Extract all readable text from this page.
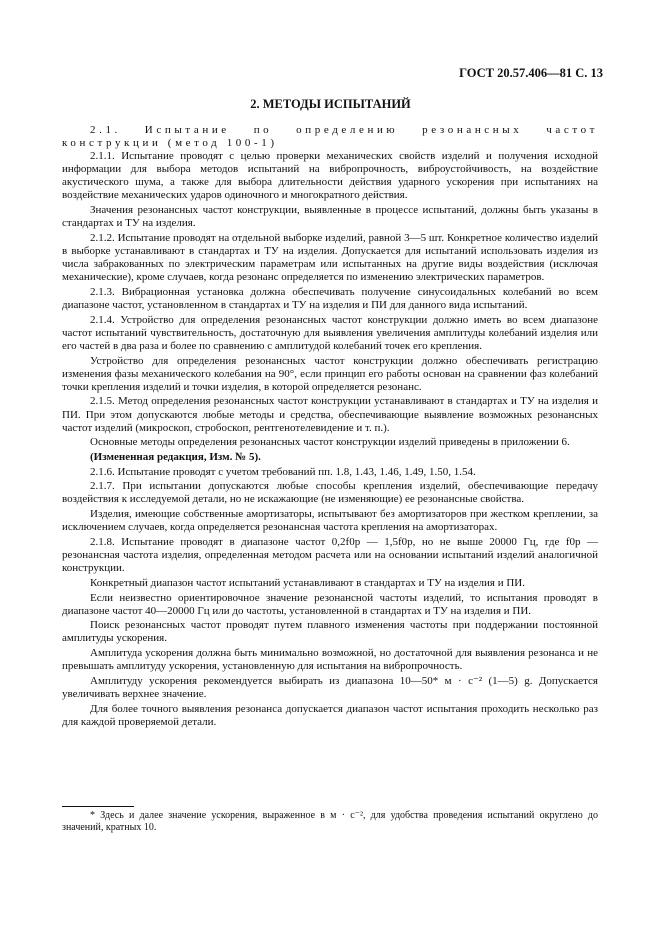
ГОСТ 20.57.406—81 С. 13
2. МЕТОДЫ ИСПЫТАНИЙ

2.1. Испытание по определению резонансных частот конструкции (метод 100-1)

2.1.1. Испытание проводят с целью проверки механических свойств изделий и получения исходной информации для выбора методов испытаний на вибропрочность, виброустойчивость, на воздействие акустического шума, а также для выбора длительности действия ударного ускорения при испытаниях на воздействие механических ударов одиночного и многократного действия.

Значения резонансных частот конструкции, выявленные в процессе испытаний, должны быть указаны в стандартах и ТУ на изделия.

2.1.2. Испытание проводят на отдельной выборке изделий, равной 3—5 шт. Конкретное количество изделий в выборке устанавливают в стандартах и ТУ на изделия. Допускается для испытаний использовать изделия из числа забракованных по электрическим параметрам или испытанных на другие виды воздействия (исключая механические), кроме случаев, когда резонанс определяется по изменению электрических параметров.

2.1.3. Вибрационная установка должна обеспечивать получение синусоидальных колебаний во всем диапазоне частот, установленном в стандартах и ТУ на изделия и ПИ для данного вида испытаний.

2.1.4. Устройство для определения резонансных частот конструкции должно иметь во всем диапазоне частот испытаний чувствительность, достаточную для выявления увеличения амплитуды колебаний изделия или его частей в два раза и более по сравнению с амплитудой колебаний точек его крепления.

Устройство для определения резонансных частот конструкции должно обеспечивать регистрацию изменения фазы механического колебания на 90°, если принцип его работы основан на сравнении фаз колебаний точки крепления изделий и точки изделия, в которой определяется резонанс.

2.1.5. Метод определения резонансных частот конструкции устанавливают в стандартах и ТУ на изделия и ПИ. При этом допускаются любые методы и средства, обеспечивающие выявление возможных резонансных частот изделий (микроскоп, стробоскоп, рентгенотелевидение и т. п.).

Основные методы определения резонансных частот конструкции изделий приведены в приложении 6.

(Измененная редакция, Изм. № 5).

2.1.6. Испытание проводят с учетом требований пп. 1.8, 1.43, 1.46, 1.49, 1.50, 1.54.

2.1.7. При испытании допускаются любые способы крепления изделий, обеспечивающие передачу воздействия к исследуемой детали, но не искажающие (не изменяющие) ее резонансные свойства.

Изделия, имеющие собственные амортизаторы, испытывают без амортизаторов при жестком креплении, за исключением случаев, когда определяется резонансная частота крепления на амортизаторах.

2.1.8. Испытание проводят в диапазоне частот 0,2f0р — 1,5f0р, но не выше 20000 Гц, где f0р — резонансная частота изделия, определенная методом расчета или на основании испытаний изделий аналогичной конструкции.

Конкретный диапазон частот испытаний устанавливают в стандартах и ТУ на изделия и ПИ.

Если неизвестно ориентировочное значение резонансной частоты изделий, то испытания проводят в диапазоне частот 40—20000 Гц или до частоты, установленной в стандартах и ТУ на изделия и ПИ.

Поиск резонансных частот проводят путем плавного изменения частоты при поддержании постоянной амплитуды ускорения.

Амплитуда ускорения должна быть минимально возможной, но достаточной для выявления резонанса и не превышать амплитуду ускорения, установленную для испытания на вибропрочность.

Амплитуду ускорения рекомендуется выбирать из диапазона 10—50* м · с⁻² (1—5) g. Допускается увеличивать верхнее значение.

Для более точного выявления резонанса допускается диапазон частот испытания проходить несколько раз для каждой проверяемой детали.

* Здесь и далее значение ускорения, выраженное в м · с⁻², для удобства проведения испытаний округлено до значений, кратных 10.
